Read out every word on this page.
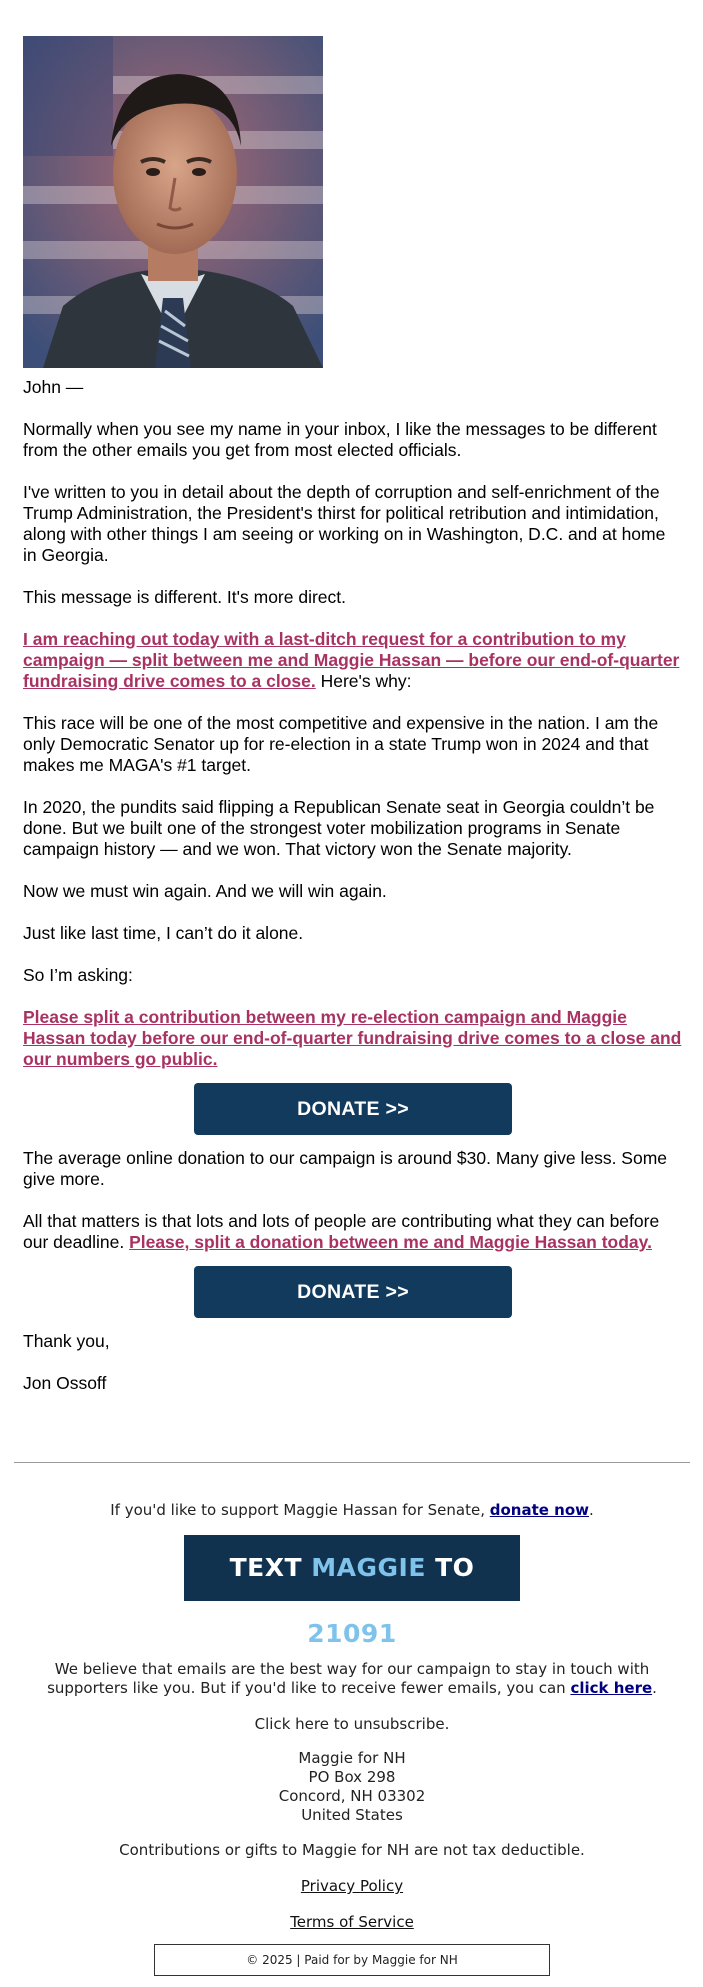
John —

Normally when you see my name in your inbox, I like the messages to be different from the other emails you get from most elected officials.

I've written to you in detail about the depth of corruption and self-enrichment of the Trump Administration, the President's thirst for political retribution and intimidation, along with other things I am seeing or working on in Washington, D.C. and at home in Georgia.

This message is different. It's more direct.

I am reaching out today with a last-ditch request for a contribution to my campaign — split between me and Maggie Hassan — before our end-of-quarter fundraising drive comes to a close. Here's why:

This race will be one of the most competitive and expensive in the nation. I am the only Democratic Senator up for re-election in a state Trump won in 2024 and that makes me MAGA's #1 target.

In 2020, the pundits said flipping a Republican Senate seat in Georgia couldn’t be done. But we built one of the strongest voter mobilization programs in Senate campaign history — and we won. That victory won the Senate majority.

Now we must win again. And we will win again.

Just like last time, I can’t do it alone.

So I’m asking:

Please split a contribution between my re-election campaign and Maggie Hassan today before our end-of-quarter fundraising drive comes to a close and our numbers go public.

DONATE >>

The average online donation to our campaign is around $30. Many give less. Some give more.

All that matters is that lots and lots of people are contributing what they can before our deadline. Please, split a donation between me and Maggie Hassan today.

DONATE >>

Thank you,

Jon Ossoff

If you'd like to support Maggie Hassan for Senate, donate now.
TEXT MAGGIE TO 21091
We believe that emails are the best way for our campaign to stay in touch with supporters like you. But if you'd like to receive fewer emails, you can click here.
Click here to unsubscribe.
Maggie for NH
PO Box 298
Concord, NH 03302
United States
Contributions or gifts to Maggie for NH are not tax deductible.
Privacy Policy
Terms of Service
© 2025 | Paid for by Maggie for NH
